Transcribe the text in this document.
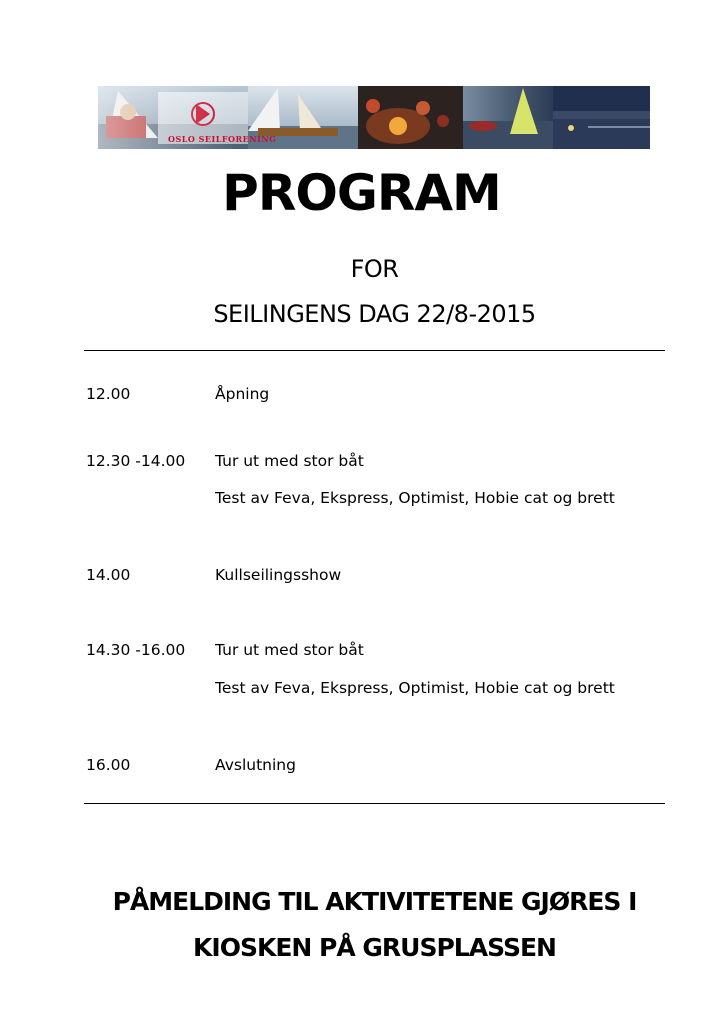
OSLO SEILFORENING
PROGRAM
FOR
SEILINGENS DAG 22/8-2015
12.00	Åpning
12.30 -14.00 Tur ut med stor båt
Test av Feva, Ekspress, Optimist, Hobie cat og brett
14.00	Kullseilingsshow
14.30 -16.00 Tur ut med stor båt
Test av Feva, Ekspress, Optimist, Hobie cat og brett
16.00	Avslutning
PÅMELDING TIL AKTIVITETENE GJØRES I
KIOSKEN PÅ GRUSPLASSEN
